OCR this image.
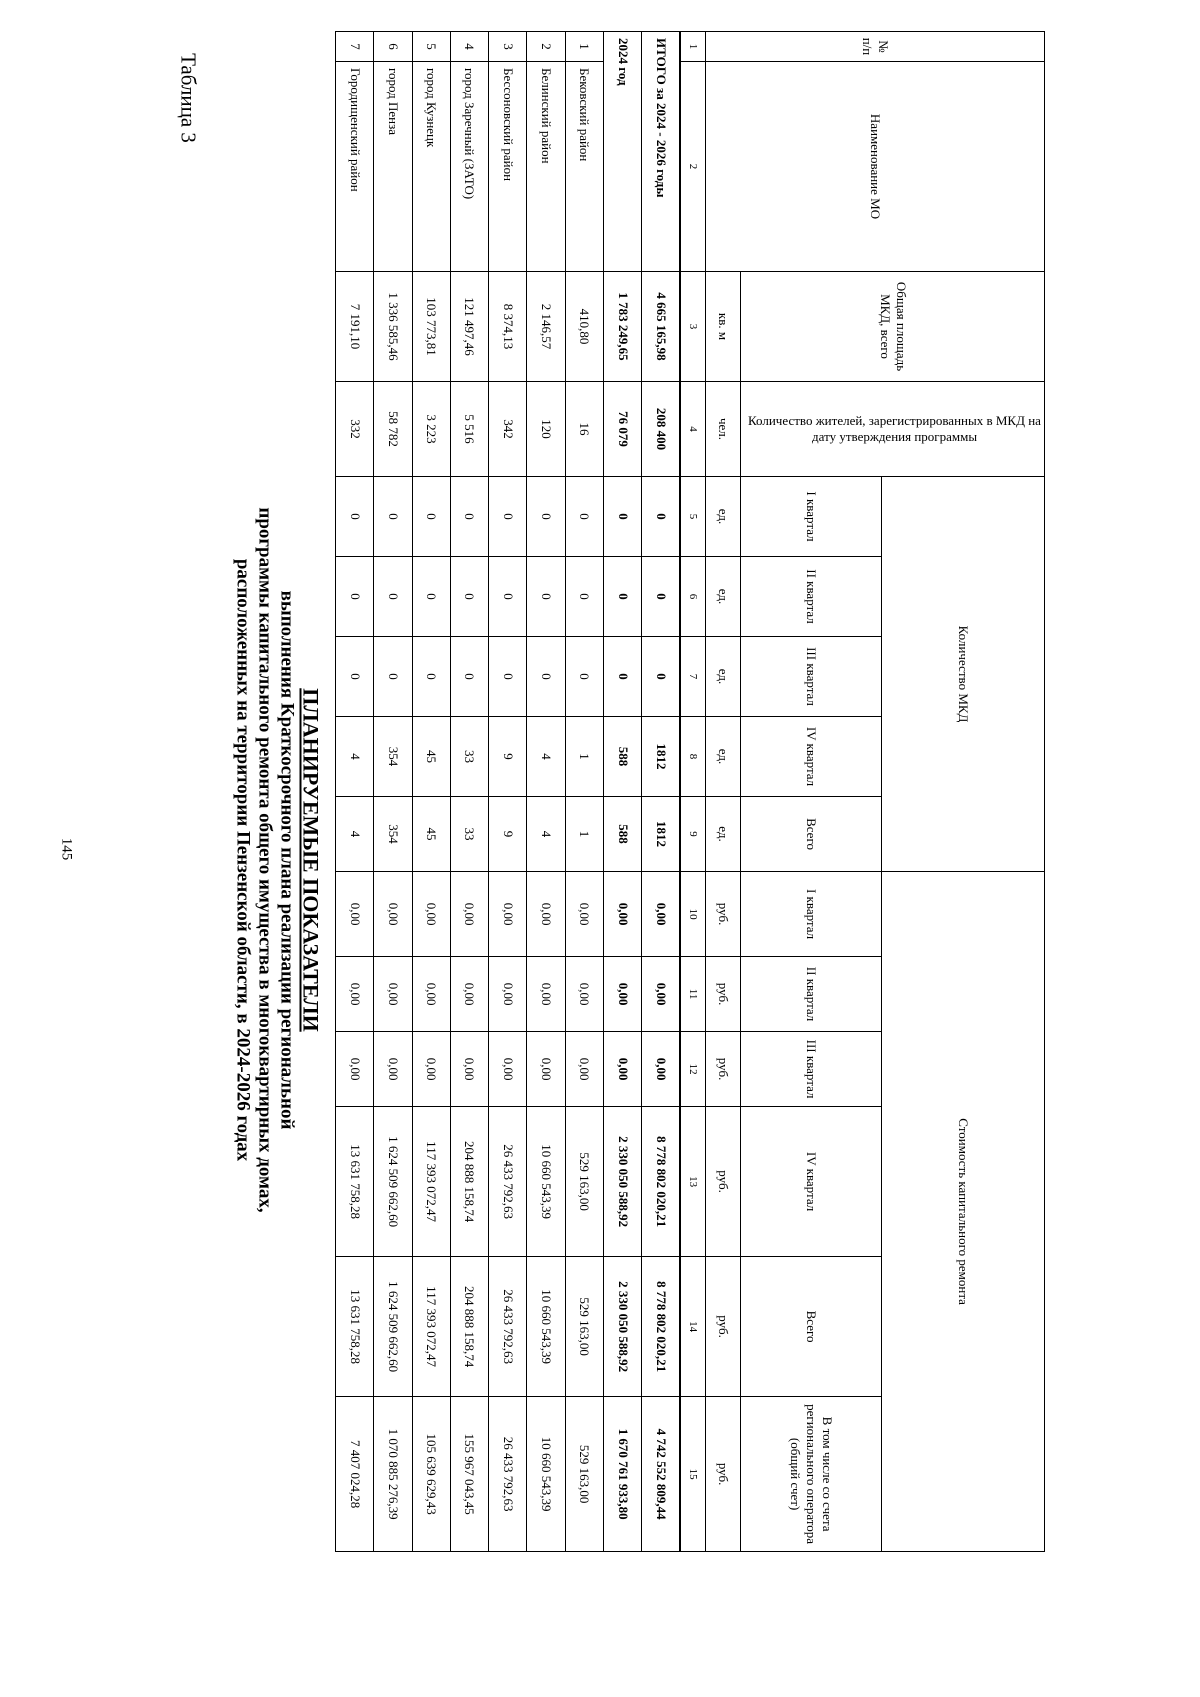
145
Таблица 3
ПЛАНИРУЕМЫЕ ПОКАЗАТЕЛИ
выполнения Краткосрочного плана реализации региональной
программы капитального ремонта общего имущества в многоквартирных домах,
расположенных на территории Пензенской области, в 2024-2026 годах
№ п/п	Наименование МО	Общая площадь МКД, всего	Количество жителей, зарегистрированных в МКД на дату утверждения программы	Количество МКД					Стоимость капитального ремонта					
				I квартал	II квартал	III квартал	IV квартал	Всего	I квартал	II квартал	III квартал	IV квартал	Всего	В том числе со счета регионального оператора (общий счет)
		кв. м	чел.	ед.	ед.	ед.	ед.	ед.	руб.	руб.	руб.	руб.	руб.	руб.
1	2	3	4	5	6	7	8	9	10	11	12	13	14	15
ИТОГО за 2024 - 2026 годы		4 665 165,98	208 400	0	0	0	1812	1812	0,00	0,00	0,00	8 778 802 020,21	8 778 802 020,21	4 742 552 809,44
2024 год		1 783 249,65	76 079	0	0	0	588	588	0,00	0,00	0,00	2 330 050 588,92	2 330 050 588,92	1 670 761 933,80
1	Бековский район	410,80	16	0	0	0	1	1	0,00	0,00	0,00	529 163,00	529 163,00	529 163,00
2	Белинский район	2 146,57	120	0	0	0	4	4	0,00	0,00	0,00	10 660 543,39	10 660 543,39	10 660 543,39
3	Бессоновский район	8 374,13	342	0	0	0	9	9	0,00	0,00	0,00	26 433 792,63	26 433 792,63	26 433 792,63
4	город Заречный (ЗАТО)	121 497,46	5 516	0	0	0	33	33	0,00	0,00	0,00	204 888 158,74	204 888 158,74	155 967 043,45
5	город Кузнецк	103 773,81	3 223	0	0	0	45	45	0,00	0,00	0,00	117 393 072,47	117 393 072,47	105 639 629,43
6	город Пенза	1 336 585,46	58 782	0	0	0	354	354	0,00	0,00	0,00	1 624 509 662,60	1 624 509 662,60	1 070 885 276,39
7	Городищенский район	7 191,10	332	0	0	0	4	4	0,00	0,00	0,00	13 631 758,28	13 631 758,28	7 407 024,28
